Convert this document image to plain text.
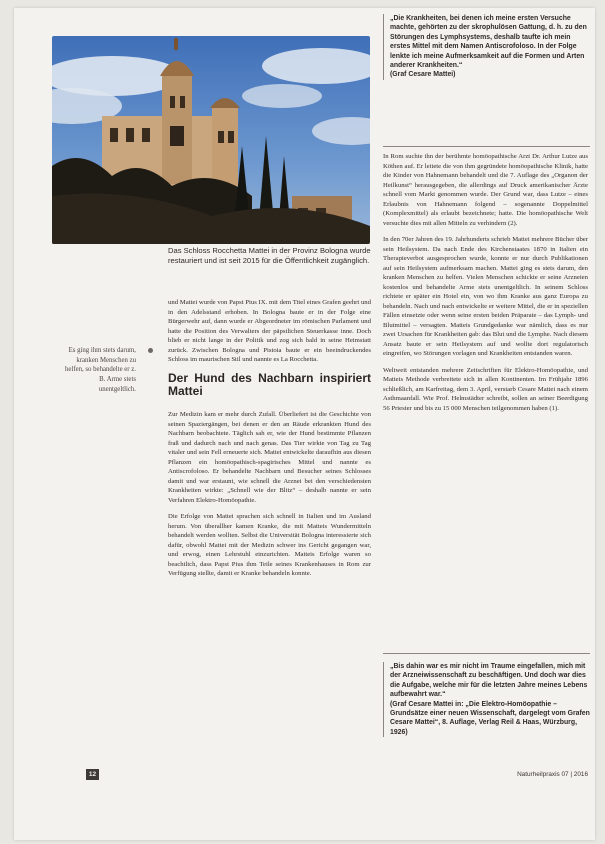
Das Schloss Rocchetta Mattei in der Provinz Bologna wurde restauriert und ist seit 2015 für die Öffentlichkeit zugänglich.
Es ging ihm stets darum, kranken Menschen zu helfen, so behandelte er z. B. Arme stets unentgeltlich.

und Mattei wurde von Papst Pius IX. mit dem Titel eines Grafen geehrt und in den Adelsstand erhoben. In Bologna baute er in der Folge eine Bürgerwehr auf, dann wurde er Abgeordneter im römischen Parlament und hatte die Position des Verwalters der päpstlichen Steuerkasse inne. Doch blieb er nicht lange in der Politik und zog sich bald in seine Heimstatt zurück. Zwischen Bologna und Pistoia baute er ein beeindruckendes Schloss im maurischen Stil und nannte es La Rocchetta.

Der Hund des Nachbarn inspiriert Mattei

Zur Medizin kam er mehr durch Zufall. Überliefert ist die Geschichte von seinen Spaziergängen, bei denen er den an Räude erkrankten Hund des Nachbarn beobachtete. Täglich sah er, wie der Hund bestimmte Pflanzen fraß und dadurch nach und nach genas. Das Tier wirkte von Tag zu Tag vitaler und sein Fell erneuerte sich. Mattei entwickelte daraufhin aus diesen Pflanzen ein homöopathisch-spagirisches Mittel und nannte es Antiscrofoloso. Er behandelte Nachbarn und Besucher seines Schlosses damit und war erstaunt, wie schnell die Arznei bei den verschiedensten Krankheiten wirkte: „Schnell wie der Blitz“ – deshalb nannte er sein Verfahren Elektro-Homöopathie.

Die Erfolge von Mattei sprachen sich schnell in Italien und im Ausland herum. Von überallher kamen Kranke, die mit Matteis Wundermitteln behandelt werden wollten. Selbst die Universität Bologna interessierte sich dafür, obwohl Mattei mit der Medizin schwer ins Gericht gegangen war, und erwog, einen Lehrstuhl einzurichten. Matteis Erfolge waren so beachtlich, dass Papst Pius ihm Teile seines Krankenhauses in Rom zur Verfügung stellte, damit er Kranke behandeln konnte.

„Die Krankheiten, bei denen ich meine ersten Versuche machte, gehörten zu der skrophulösen Gattung, d. h. zu den Störungen des Lymphsystems, deshalb taufte ich mein erstes Mittel mit dem Namen Antiscrofoloso. In der Folge lenkte ich meine Aufmerksamkeit auf die Formen und Arten anderer Krankheiten.“
(Graf Cesare Mattei)

In Rom suchte ihn der berühmte homöopathische Arzt Dr. Arthur Lutze aus Köthen auf. Er leitete die von ihm gegründete homöopathische Klinik, hatte die Kinder von Hahnemann behandelt und die 7. Auflage des „Organon der Heilkunst“ herausgegeben, die allerdings auf Druck amerikanischer Ärzte schnell vom Markt genommen wurde. Der Grund war, dass Lutze – eines Erlaubnis von Hahnemann folgend – sogenannte Doppelmittel (Komplexmittel) als erlaubt bezeichnete; hatte. Die homöopathische Welt versuchte dies mit allen Mitteln zu verhindern (2).

In den 70er Jahren des 19. Jahrhunderts schrieb Mattei mehrere Bücher über sein Heilsystem. Da nach Ende des Kirchenstaates 1870 in Italien ein Therapieverbot ausgesprochen wurde, konnte er nur durch Publikationen auf sein Heilsystem aufmerksam machen. Mattei ging es stets darum, den kranken Menschen zu helfen. Vielen Menschen schickte er seine Arzneien kostenlos und behandelte Arme stets unentgeltlich. In seinem Schloss richtete er später ein Hotel ein, von wo ihm Kranke aus ganz Europa zu behandeln. Nach und nach entwickelte er weitere Mittel, die er in speziellen Fällen einsetzte oder wenn seine ersten beiden Präparate – das Lymph- und Blutmittel – versagten. Matteis Grundgedanke war nämlich, dass es nur zwei Ursachen für Krankheiten gab: das Blut und die Lymphe. Nach diesem Ansatz baute er sein Heilsystem auf und wollte dort regulatorisch eingreifen, wo Störungen vorlagen und Krankheiten entstanden waren.

Weltweit entstanden mehrere Zeitschriften für Elektro-Homöopathie, und Matteis Methode verbreitete sich in allen Kontinenten. Im Frühjahr 1896 schließlich, am Karfreitag, dem 3. April, verstarb Cesare Mattei nach einem Asthmaanfall. Wie Prof. Helmstädter schreibt, sollen an seiner Beerdigung 56 Priester und bis zu 15 000 Menschen teilgenommen haben (1).

„Bis dahin war es mir nicht im Traume eingefallen, mich mit der Arzneiwissenschaft zu beschäftigen. Und doch war dies die Aufgabe, welche mir für die letzten Jahre meines Lebens aufbewahrt war.“
(Graf Cesare Mattei in: „Die Elektro-Homöopathie – Grundsätze einer neuen Wissenschaft, dargelegt vom Grafen Cesare Mattei“, 8. Auflage, Verlag Reil & Haas, Würzburg, 1926)
12	Naturheilpraxis 07 | 2016
